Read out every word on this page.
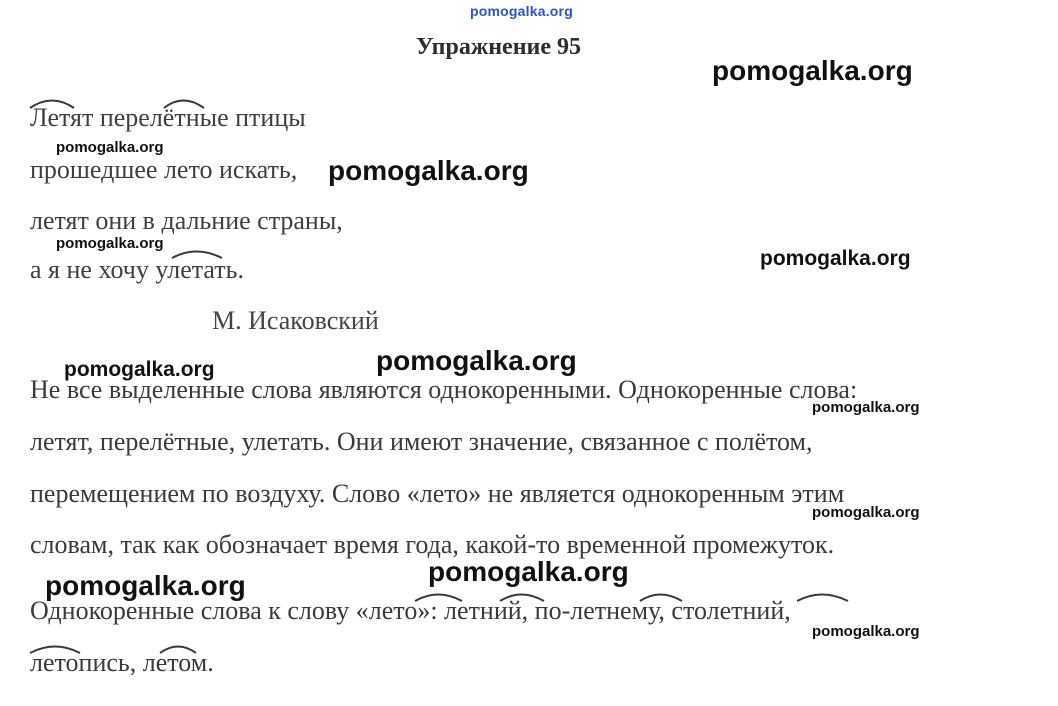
pomogalka.org
Упражнение 95
Летят перелётные птицы
прошедшее лето искать,
летят они в дальние страны,
а я не хочу улетать.
М. Исаковский
Не все выделенные слова являются однокоренными. Однокоренные слова:
летят, перелётные, улетать. Они имеют значение, связанное с полётом,
перемещением по воздуху. Слово «лето» не является однокоренным этим
словам, так как обозначает время года, какой-то временной промежуток.
Однокоренные слова к слову «лето»: летний, по-летнему, столетний,
летопись, летом.
pomogalka.org
pomogalka.org
pomogalka.org
pomogalka.org
pomogalka.org
pomogalka.org
pomogalka.org
pomogalka.org
pomogalka.org
pomogalka.org
pomogalka.org
pomogalka.org
